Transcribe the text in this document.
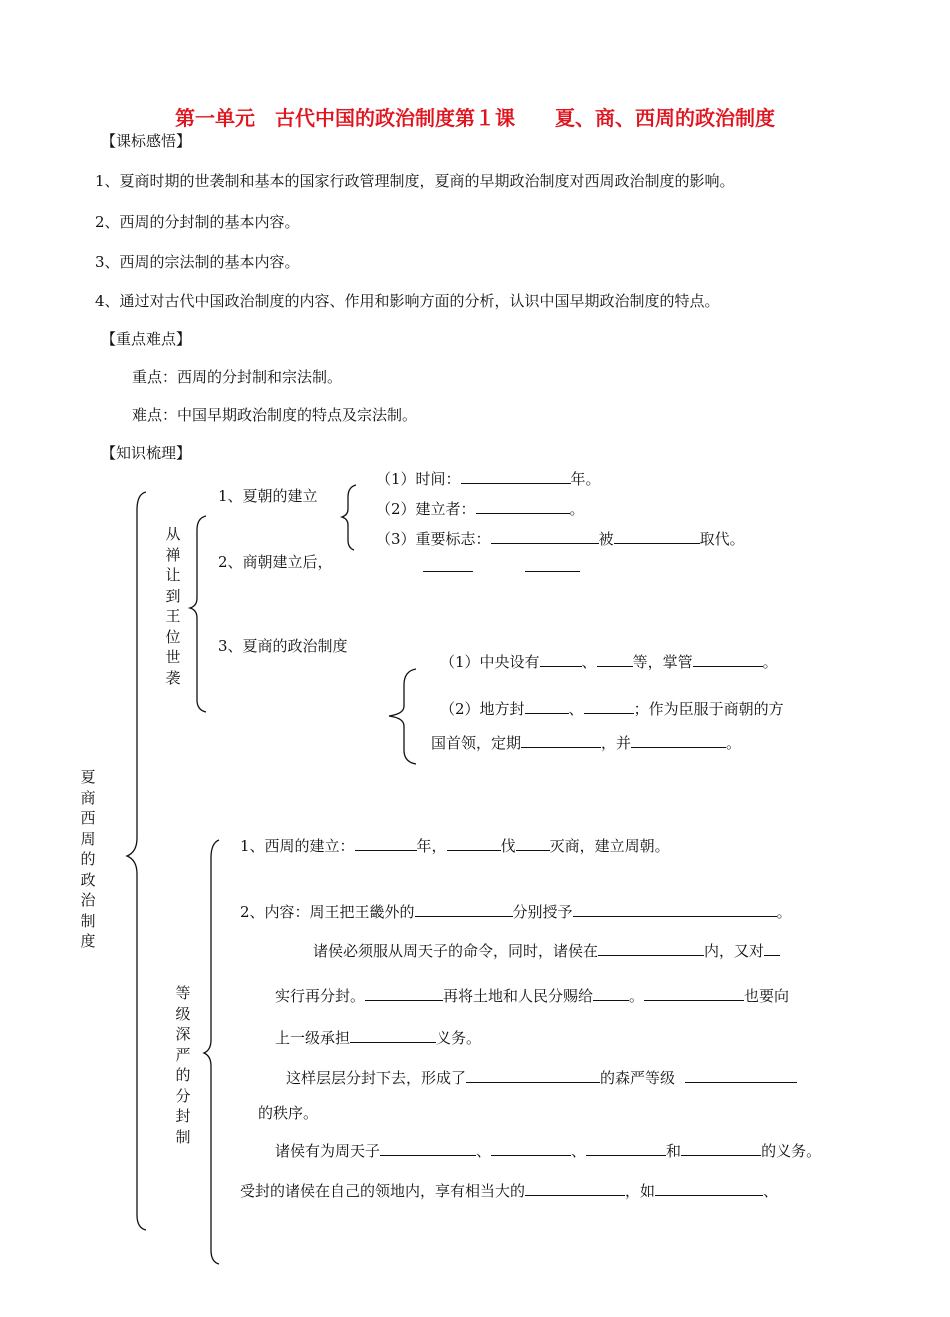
第一单元　古代中国的政治制度第１课　　夏、商、西周的政治制度
【课标感悟】
1、夏商时期的世袭制和基本的国家行政管理制度，夏商的早期政治制度对西周政治制度的影响。
2、西周的分封制的基本内容。
3、西周的宗法制的基本内容。
4、通过对古代中国政治制度的内容、作用和影响方面的分析，认识中国早期政治制度的特点。
【重点难点】
重点：西周的分封制和宗法制。
难点：中国早期政治制度的特点及宗法制。
【知识梳理】
夏商西周的政治制度
从禅让到王位世袭
等级深严的分封制
1、夏朝的建立
（1）时间：	年。
（2）建立者：	。
（3）重要标志：	被	取代。
2、商朝建立后，
3、夏商的政治制度
（1）中央设有	、 等，掌管	。
（2）地方封	、	；作为臣服于商朝的方
国首领，定期	，并	。
1、西周的建立：	年，	伐 灭商，建立周朝。
2、内容：周王把王畿外的	分别授予	。
诸侯必须服从周天子的命令，同时，诸侯在	内，又对
实行再分封。	再将土地和人民分赐给 。	也要向
上一级承担	义务。
这样层层分封下去，形成了	的森严等级
的秩序。
诸侯有为周天子	、	、	和	的义务。
受封的诸侯在自己的领地内，享有相当大的	，如	、
